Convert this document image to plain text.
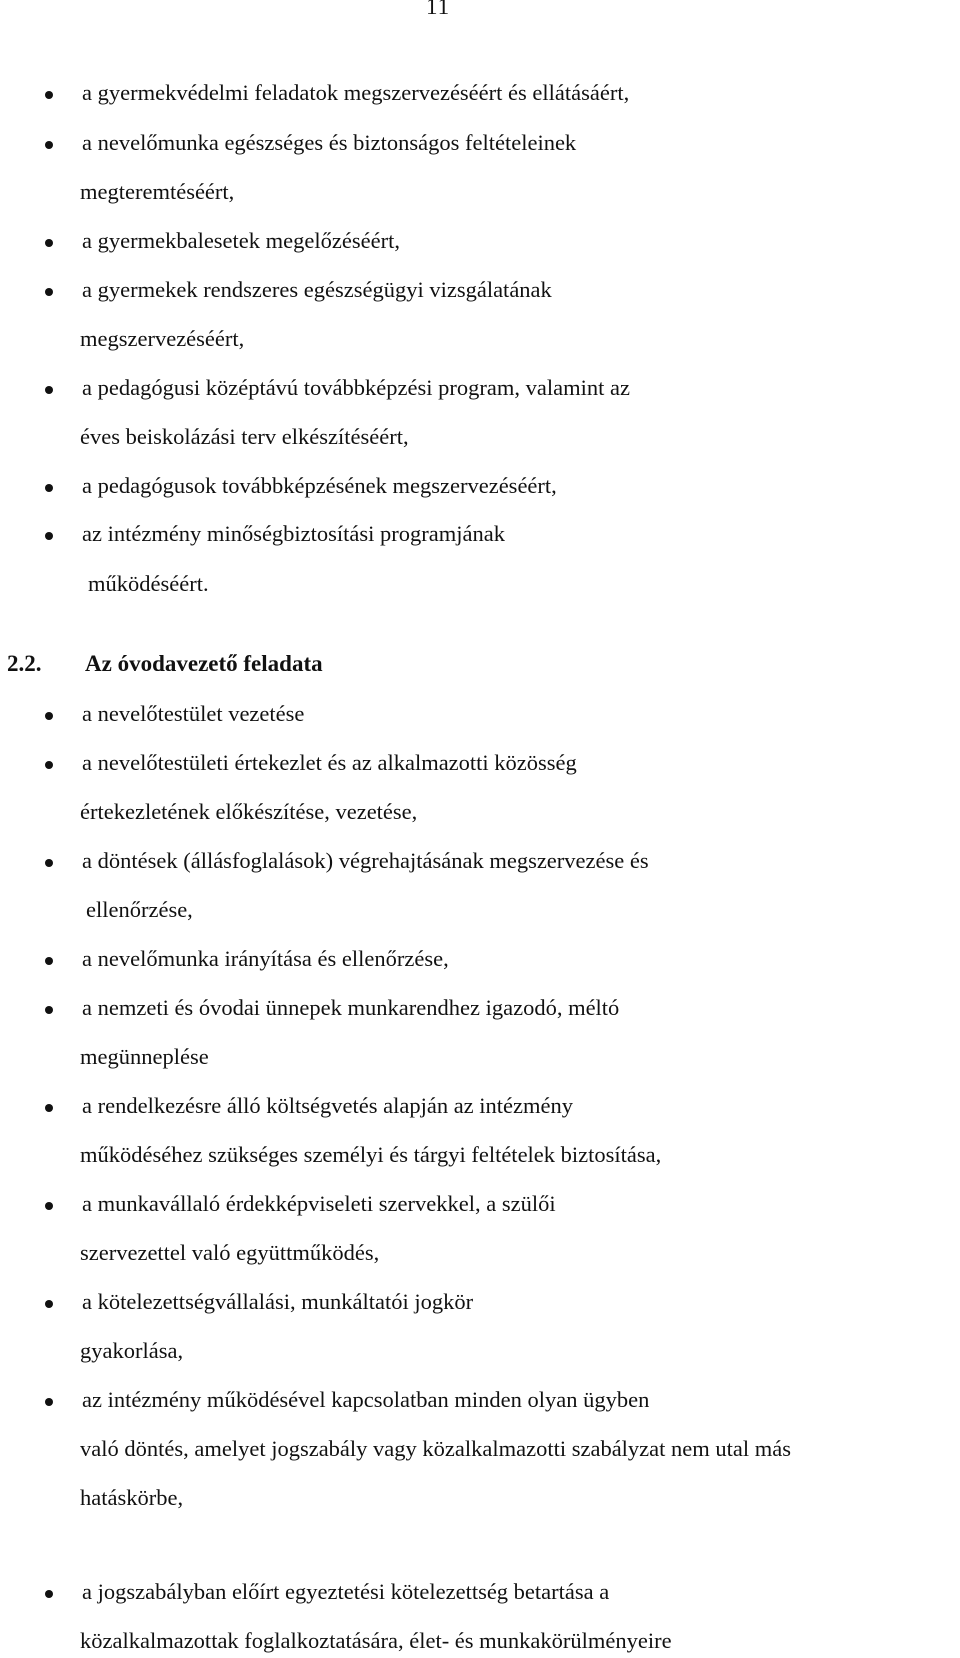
11
a gyermekvédelmi feladatok megszervezéséért és ellátásáért,
a nevelőmunka egészséges és biztonságos feltételeinek
megteremtéséért,
a gyermekbalesetek megelőzéséért,
a gyermekek rendszeres egészségügyi vizsgálatának
megszervezéséért,
a pedagógusi középtávú továbbképzési program, valamint az
éves beiskolázási terv elkészítéséért,
a pedagógusok továbbképzésének megszervezéséért,
az intézmény minőségbiztosítási programjának
működéséért.
2.2. Az óvodavezető feladata
a nevelőtestület vezetése
a nevelőtestületi értekezlet és az alkalmazotti közösség
értekezletének előkészítése, vezetése,
a döntések (állásfoglalások) végrehajtásának megszervezése és
ellenőrzése,
a nevelőmunka irányítása és ellenőrzése,
a nemzeti és óvodai ünnepek munkarendhez igazodó, méltó
megünneplése
a rendelkezésre álló költségvetés alapján az intézmény
működéséhez szükséges személyi és tárgyi feltételek biztosítása,
a munkavállaló érdekképviseleti szervekkel, a szülői
szervezettel való együttműködés,
a kötelezettségvállalási, munkáltatói jogkör
gyakorlása,
az intézmény működésével kapcsolatban minden olyan ügyben
való döntés, amelyet jogszabály vagy közalkalmazotti szabályzat nem utal más
hatáskörbe,
a jogszabályban előírt egyeztetési kötelezettség betartása a
közalkalmazottak foglalkoztatására, élet- és munkakörülményeire
